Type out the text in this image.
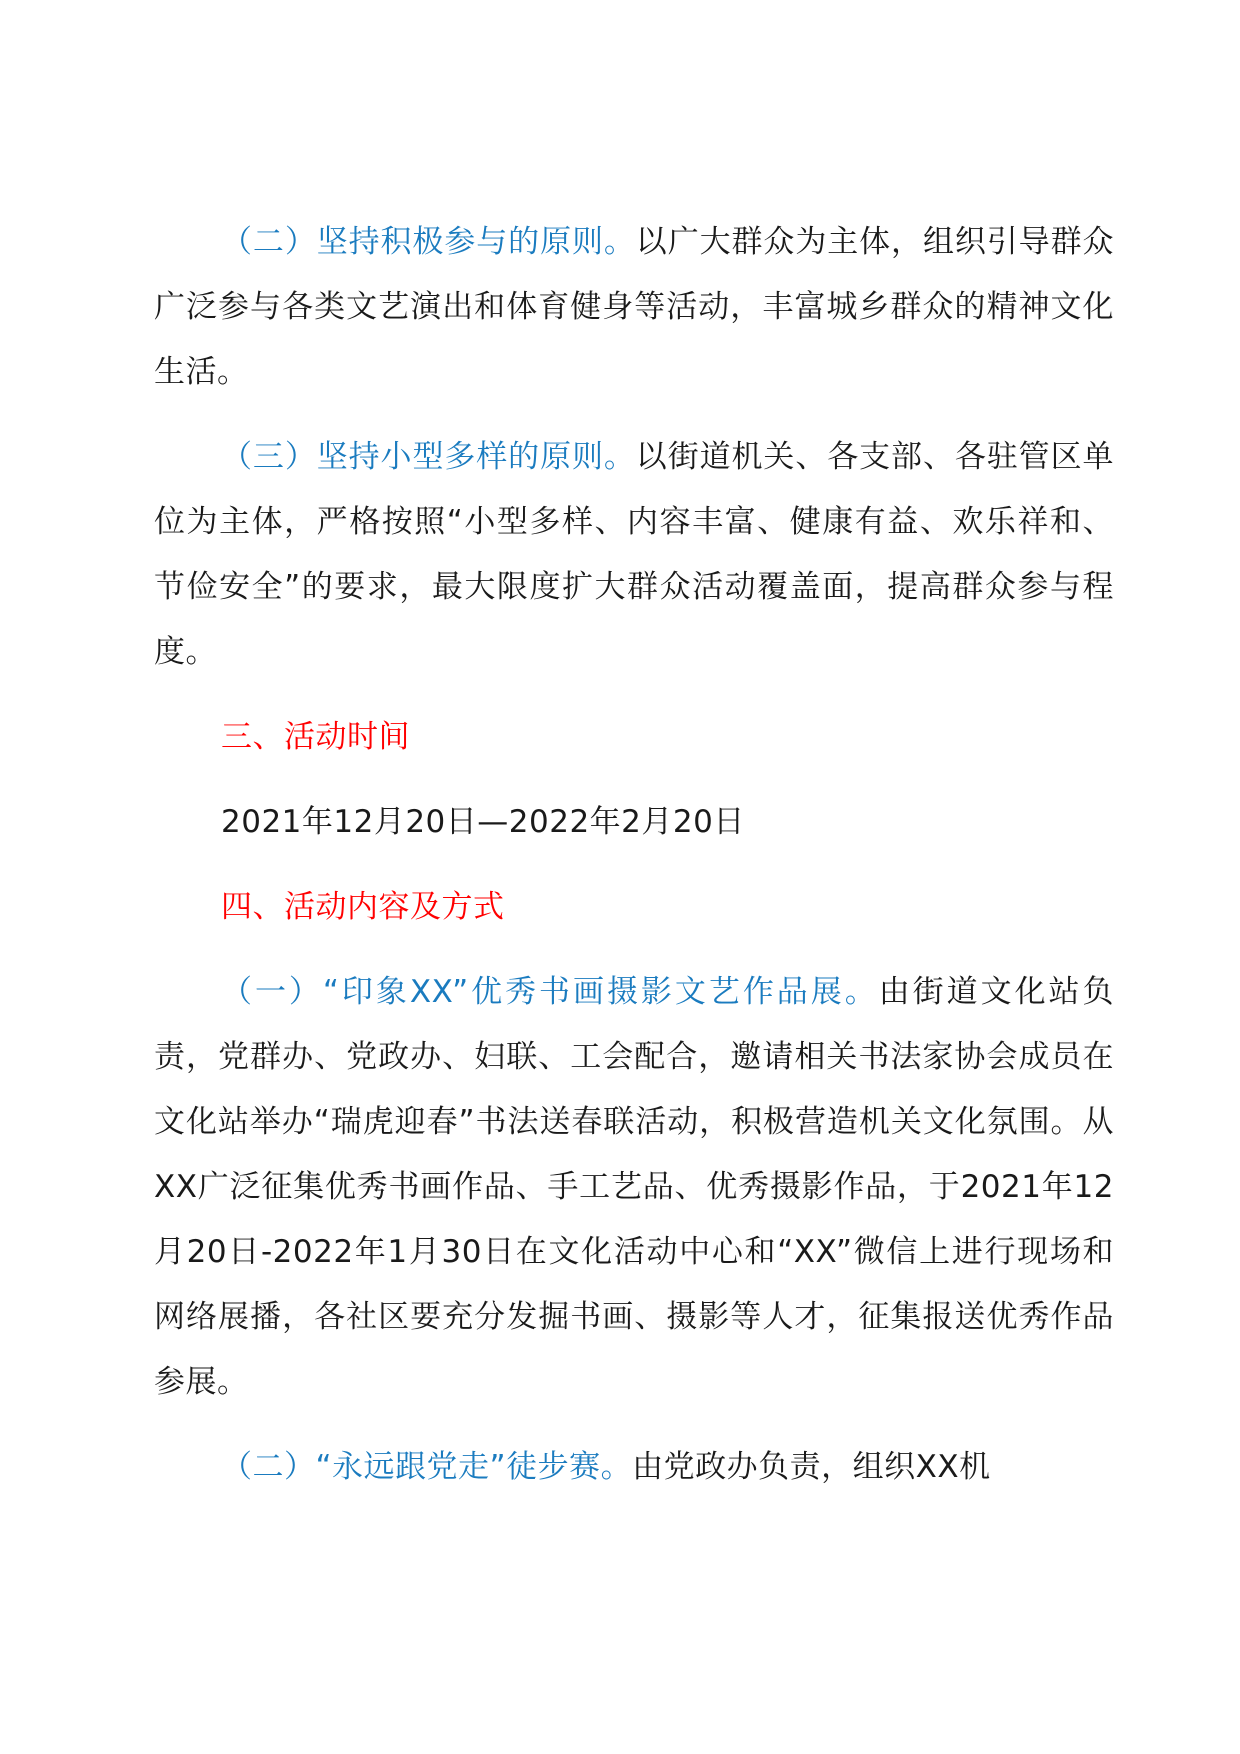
（二）坚持积极参与的原则。以广大群众为主体，组织引导群众广泛参与各类文艺演出和体育健身等活动，丰富城乡群众的精神文化生活。

（三）坚持小型多样的原则。以街道机关、各支部、各驻管区单位为主体，严格按照“小型多样、内容丰富、健康有益、欢乐祥和、节俭安全”的要求，最大限度扩大群众活动覆盖面，提高群众参与程度。

三、活动时间

2021年12月20日—2022年2月20日

四、活动内容及方式

（一）“印象XX”优秀书画摄影文艺作品展。由街道文化站负责，党群办、党政办、妇联、工会配合，邀请相关书法家协会成员在文化站举办“瑞虎迎春”书法送春联活动，积极营造机关文化氛围。从XX广泛征集优秀书画作品、手工艺品、优秀摄影作品，于2021年12月20日-2022年1月30日在文化活动中心和“XX”微信上进行现场和网络展播，各社区要充分发掘书画、摄影等人才，征集报送优秀作品参展。

（二）“永远跟党走”徒步赛。由党政办负责，组织XX机
